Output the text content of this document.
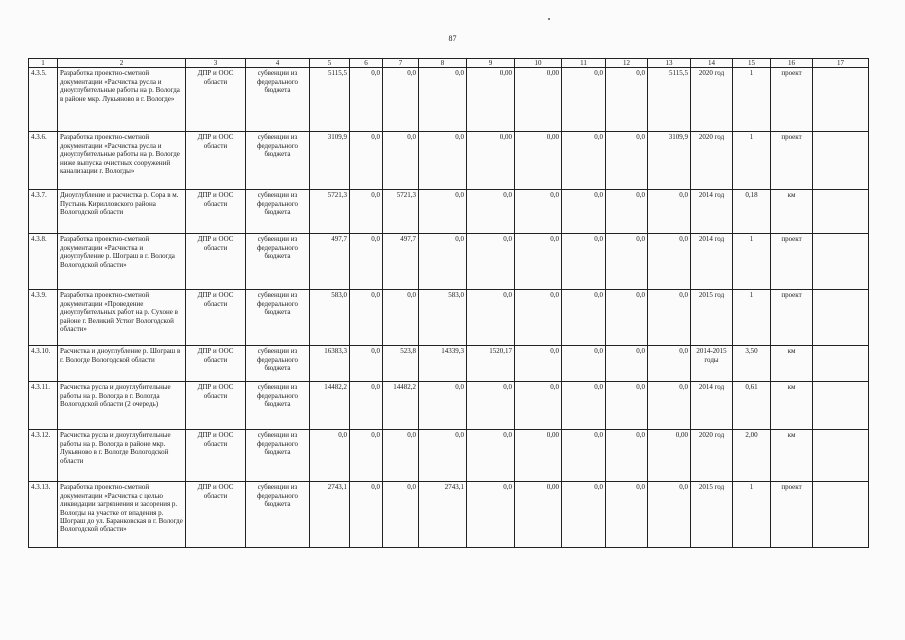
87
1	2	3	4	5	6	7	8	9	10	11	12	13	14	15	16	17
4.3.5.	Разработка проектно-сметной документации «Расчистка русла и дноуглубительные работы на р. Вологда в районе мкр. Лукьяново в г. Вологде»	ДПР и ООС области	субвенции из федерального бюджета	5115,5	0,0	0,0	0,0	0,00	0,00	0,0	0,0	5115,5	2020 год	1	проект	
4.3.6.	Разработка проектно-сметной документации «Расчистка русла и дноуглубительные работы на р. Вологде ниже выпуска очистных сооружений канализации г. Вологды»	ДПР и ООС области	субвенции из федерального бюджета	3109,9	0,0	0,0	0,0	0,00	0,00	0,0	0,0	3109,9	2020 год	1	проект	
4.3.7.	Дноуглубление и расчистка р. Сора в м. Пустынь Кирилловского района Вологодской области	ДПР и ООС области	субвенции из федерального бюджета	5721,3	0,0	5721,3	0,0	0,0	0,0	0,0	0,0	0,0	2014 год	0,18	км	
4.3.8.	Разработка проектно-сметной документации «Расчистка и дноуглубление р. Шограш в г. Вологда Вологодской области»	ДПР и ООС области	субвенции из федерального бюджета	497,7	0,0	497,7	0,0	0,0	0,0	0,0	0,0	0,0	2014 год	1	проект	
4.3.9.	Разработка проектно-сметной документации «Проведение дноуглубительных работ на р. Сухоне в районе г. Великий Устюг Вологодской области»	ДПР и ООС области	субвенции из федерального бюджета	583,0	0,0	0,0	583,0	0,0	0,0	0,0	0,0	0,0	2015 год	1	проект	
4.3.10.	Расчистка и дноуглубление р. Шограш в г. Вологде Вологодской области	ДПР и ООС области	субвенции из федерального бюджета	16383,3	0,0	523,8	14339,3	1520,17	0,0	0,0	0,0	0,0	2014-2015 годы	3,50	км	
4.3.11.	Расчистка русла и дноуглубительные работы на р. Вологда в г. Вологда Вологодской области (2 очередь)	ДПР и ООС области	субвенции из федерального бюджета	14482,2	0,0	14482,2	0,0	0,0	0,0	0,0	0,0	0,0	2014 год	0,61	км	
4.3.12.	Расчистка русла и дноуглубительные работы на р. Вологда в районе мкр. Лукьяново в г. Вологде Вологодской области	ДПР и ООС области	субвенции из федерального бюджета	0,0	0,0	0,0	0,0	0,0	0,00	0,0	0,0	0,00	2020 год	2,00	км	
4.3.13.	Разработка проектно-сметной документации «Расчистка с целью ликвидации загрязнения и засорения р. Вологды на участке от впадения р. Шограш до ул. Баранковская в г. Вологде Вологодской области»	ДПР и ООС области	субвенции из федерального бюджета	2743,1	0,0	0,0	2743,1	0,0	0,00	0,0	0,0	0,0	2015 год	1	проект	
